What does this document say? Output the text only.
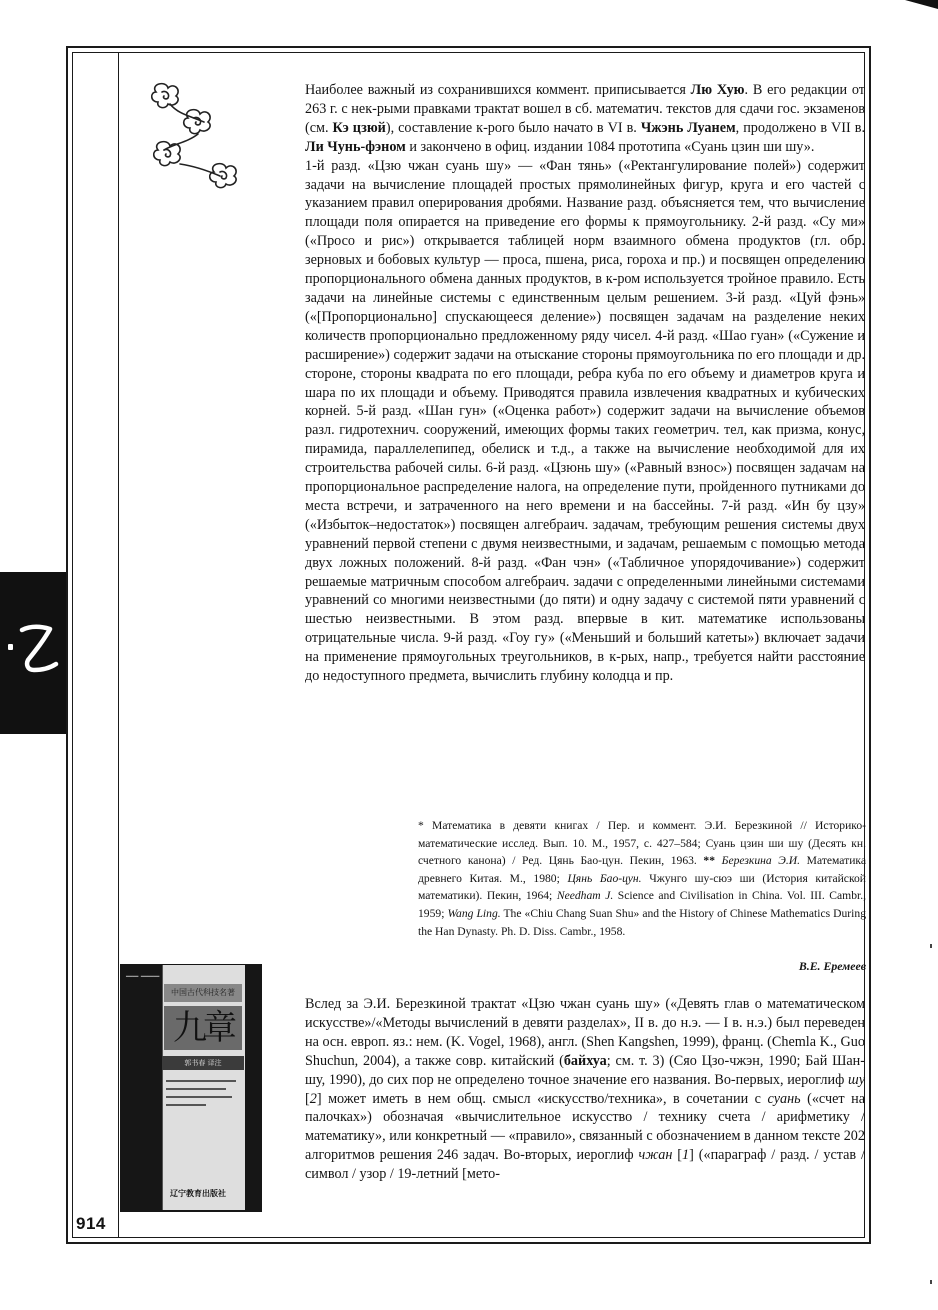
Наиболее важный из сохранившихся коммент. приписывается Лю Хую. В его редакции от 263 г. с нек-рыми правками трактат вошел в сб. математич. текстов для сдачи гос. экзаменов (см. Кэ цзюй), составление к-рого было начато в VI в. Чжэнь Луанем, продолжено в VII в. Ли Чунь-фэном и закончено в офиц. издании 1084 прототипа «Суань цзин ши шу».
1-й разд. «Цзю чжан суань шу» — «Фан тянь» («Ректангулирование полей») содержит задачи на вычисление площадей простых прямолинейных фигур, круга и его частей с указанием правил оперирования дробями. Название разд. объясняется тем, что вычисление площади поля опирается на приведение его формы к прямоугольнику. 2-й разд. «Су ми» («Просо и рис») открывается таблицей норм взаимного обмена продуктов (гл. обр. зерновых и бобовых культур — проса, пшена, риса, гороха и пр.) и посвящен определению пропорционального обмена данных продуктов, в к-ром используется тройное правило. Есть задачи на линейные системы с единственным целым решением. 3-й разд. «Цуй фэнь» («[Пропорционально] спускающееся деление») посвящен задачам на разделение неких количеств пропорционально предложенному ряду чисел. 4-й разд. «Шао гуан» («Сужение и расширение») содержит задачи на отыскание стороны прямоугольника по его площади и др. стороне, стороны квадрата по его площади, ребра куба по его объему и диаметров круга и шара по их площади и объему. Приводятся правила извлечения квадратных и кубических корней. 5-й разд. «Шан гун» («Оценка работ») содержит задачи на вычисление объемов разл. гидротехнич. сооружений, имеющих формы таких геометрич. тел, как призма, конус, пирамида, параллелепипед, обелиск и т.д., а также на вычисление необходимой для их строительства рабочей силы. 6-й разд. «Цзюнь шу» («Равный взнос») посвящен задачам на пропорциональное распределение налога, на определение пути, пройденного путниками до места встречи, и затраченного на него времени и на бассейны. 7-й разд. «Ин бу цзу» («Избыток–недостаток») посвящен алгебраич. задачам, требующим решения системы двух уравнений первой степени с двумя неизвестными, и задачам, решаемым с помощью метода двух ложных положений. 8-й разд. «Фан чэн» («Табличное упорядочивание») содержит решаемые матричным способом алгебраич. задачи с определенными линейными системами уравнений со многими неизвестными (до пяти) и одну задачу с системой пяти уравнений с шестью неизвестными. В этом разд. впервые в кит. математике использованы отрицательные числа. 9-й разд. «Гоу гу» («Меньший и больший катеты») включает задачи на применение прямоугольных треугольников, в к-рых, напр., требуется найти расстояние до недоступного предмета, вычислить глубину колодца и пр.
* Математика в девяти книгах / Пер. и коммент. Э.И. Березкиной // Историко-математические исслед. Вып. 10. М., 1957, с. 427–584; Суань цзин ши шу (Десять кн. счетного канона) / Ред. Цянь Бао-цун. Пекин, 1963. ** Березкина Э.И. Математика древнего Китая. М., 1980; Цянь Бао-цун. Чжунго шу-сюэ ши (История китайской математики). Пекин, 1964; Needham J. Science and Civilisation in China. Vol. III. Cambr., 1959; Wang Ling. The «Chiu Chang Suan Shu» and the History of Chinese Mathematics During the Han Dynasty. Ph. D. Diss. Cambr., 1958.
В.Е. Еремеев
▁▁ ▁▁▁
中国古代科技名著
九章
郭书春 译注
辽宁教育出版社
Вслед за Э.И. Березкиной трактат «Цзю чжан суань шу» («Девять глав о математическом искусстве»/«Методы вычислений в девяти разделах», II в. до н.э. — I в. н.э.) был переведен на осн. европ. яз.: нем. (K. Vogel, 1968), англ. (Shen Kangshen, 1999), франц. (Chemla K., Guo Shuchun, 2004), а также совр. китайский (байхуа; см. т. 3) (Сяо Цзо-чжэн, 1990; Бай Шан-шу, 1990), до сих пор не определено точное значение его названия. Во-первых, иероглиф шу [2] может иметь в нем общ. смысл «искусство/техника», в сочетании с суань («счет на палочках») обозначая «вычислительное искусство / технику счета / арифметику / математику», или конкретный — «правило», связанный с обозначением в данном тексте 202 алгоритмов решения 246 задач. Во-вторых, иероглиф чжан [1] («параграф / разд. / устав / символ / узор / 19-летний [мето-
914
